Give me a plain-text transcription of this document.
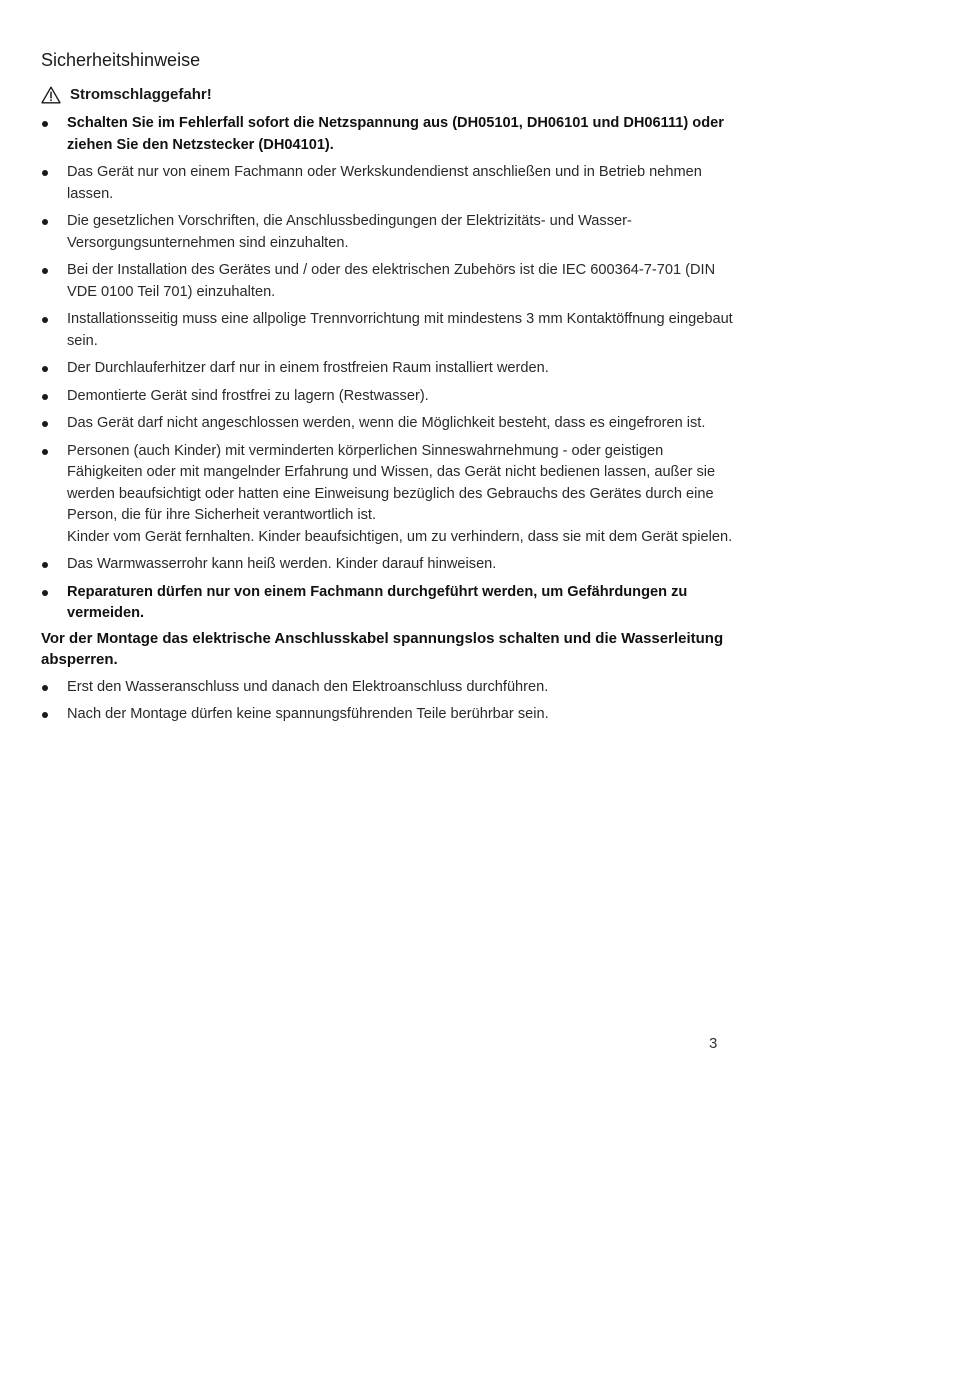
Sicherheitshinweise
Stromschlaggefahr!
Schalten Sie im Fehlerfall sofort die Netzspannung aus (DH05101, DH06101 und DH06111) oder ziehen Sie den Netzstecker (DH04101).
Das Gerät nur von einem Fachmann oder Werkskundendienst anschließen und in Betrieb nehmen lassen.
Die gesetzlichen Vorschriften, die Anschlussbedingungen der Elektrizitäts- und Wasser-Versorgungsunternehmen sind einzuhalten.
Bei der Installation des Gerätes und / oder des elektrischen Zubehörs ist die IEC 600364-7-701 (DIN VDE 0100 Teil 701) einzuhalten.
Installationsseitig muss eine allpolige Trennvorrichtung mit mindestens 3 mm Kontaktöffnung eingebaut sein.
Der Durchlauferhitzer darf nur in einem frostfreien Raum installiert werden.
Demontierte Gerät sind frostfrei zu lagern (Restwasser).
Das Gerät darf nicht angeschlossen werden, wenn die Möglichkeit besteht, dass es eingefroren ist.
Personen (auch Kinder) mit verminderten körperlichen Sinneswahrnehmung - oder geistigen Fähigkeiten oder mit mangelnder Erfahrung und Wissen, das Gerät nicht bedienen lassen, außer sie werden beaufsichtigt oder hatten eine Einweisung bezüglich des Gebrauchs des Gerätes durch eine Person, die für ihre Sicherheit verantwortlich ist.
Kinder vom Gerät fernhalten. Kinder beaufsichtigen, um zu verhindern, dass sie mit dem Gerät spielen.
Das Warmwasserrohr kann heiß werden. Kinder darauf hinweisen.
Reparaturen dürfen nur von einem Fachmann durchgeführt werden, um Gefährdungen zu vermeiden.

Vor der Montage das elektrische Anschlusskabel spannungslos schalten und die Wasserleitung absperren.

Erst den Wasseranschluss und danach den Elektroanschluss durchführen.
Nach der Montage dürfen keine spannungsführenden Teile berührbar sein.
3
